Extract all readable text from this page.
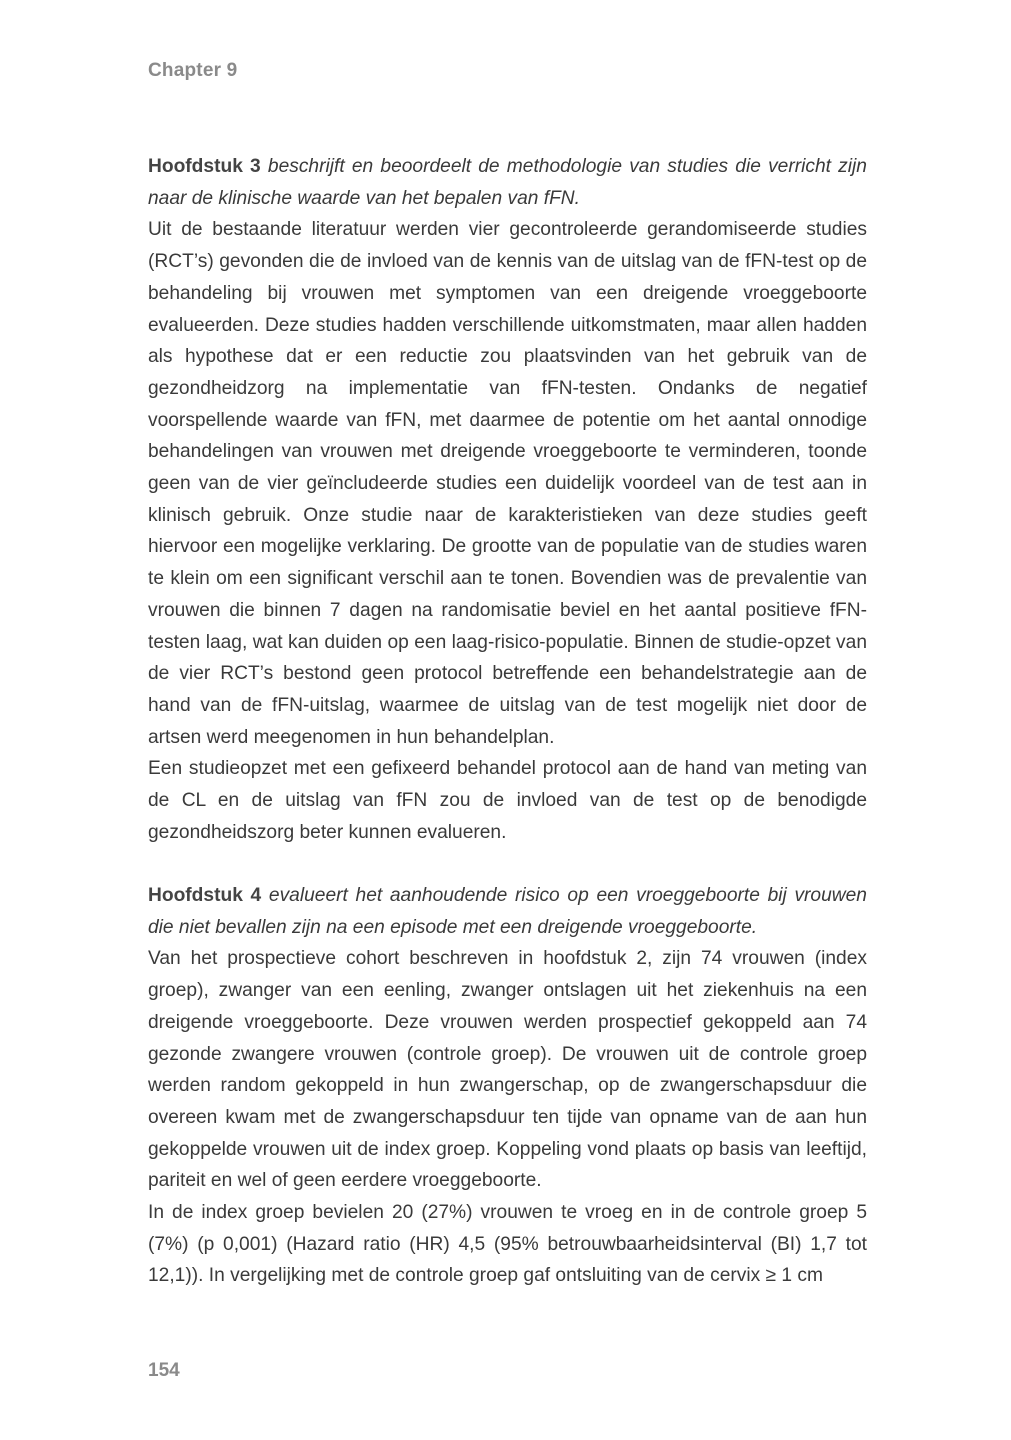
Chapter 9

Hoofdstuk 3 beschrijft en beoordeelt de methodologie van studies die verricht zijn naar de klinische waarde van het bepalen van fFN.

Uit de bestaande literatuur werden vier gecontroleerde gerandomiseerde studies (RCT’s) gevonden die de invloed van de kennis van de uitslag van de fFN-test op de behandeling bij vrouwen met symptomen van een dreigende vroeggeboorte evalueerden. Deze studies hadden verschillende uitkomstmaten, maar allen hadden als hypothese dat er een reductie zou plaatsvinden van het gebruik van de gezondheidzorg na implementatie van fFN-testen. Ondanks de negatief voorspellende waarde van fFN, met daarmee de potentie om het aantal onnodige behandelingen van vrouwen met dreigende vroeggeboorte te verminderen, toonde geen van de vier geïncludeerde studies een duidelijk voordeel van de test aan in klinisch gebruik. Onze studie naar de karakteristieken van deze studies geeft hiervoor een mogelijke verklaring. De grootte van de populatie van de studies waren te klein om een significant verschil aan te tonen. Bovendien was de prevalentie van vrouwen die binnen 7 dagen na randomisatie beviel en het aantal positieve fFN-testen laag, wat kan duiden op een laag-risico-populatie. Binnen de studie-opzet van de vier RCT’s bestond geen protocol betreffende een behandelstrategie aan de hand van de fFN-uitslag, waarmee de uitslag van de test mogelijk niet door de artsen werd meegenomen in hun behandelplan.

Een studieopzet met een gefixeerd behandel protocol aan de hand van meting van de CL en de uitslag van fFN zou de invloed van de test op de benodigde gezondheidszorg beter kunnen evalueren.

Hoofdstuk 4 evalueert het aanhoudende risico op een vroeggeboorte bij vrouwen die niet bevallen zijn na een episode met een dreigende vroeggeboorte.

Van het prospectieve cohort beschreven in hoofdstuk 2, zijn 74 vrouwen (index groep), zwanger van een eenling, zwanger ontslagen uit het ziekenhuis na een dreigende vroeggeboorte. Deze vrouwen werden prospectief gekoppeld aan 74 gezonde zwangere vrouwen (controle groep). De vrouwen uit de controle groep werden random gekoppeld in hun zwangerschap, op de zwangerschapsduur die overeen kwam met de zwangerschapsduur ten tijde van opname van de aan hun gekoppelde vrouwen uit de index groep. Koppeling vond plaats op basis van leeftijd, pariteit en wel of geen eerdere vroeggeboorte.

In de index groep bevielen 20 (27%) vrouwen te vroeg en in de controle groep 5 (7%) (p 0,001) (Hazard ratio (HR) 4,5 (95% betrouwbaarheidsinterval (BI) 1,7 tot 12,1)). In vergelijking met de controle groep gaf ontsluiting van de cervix ≥ 1 cm

154
